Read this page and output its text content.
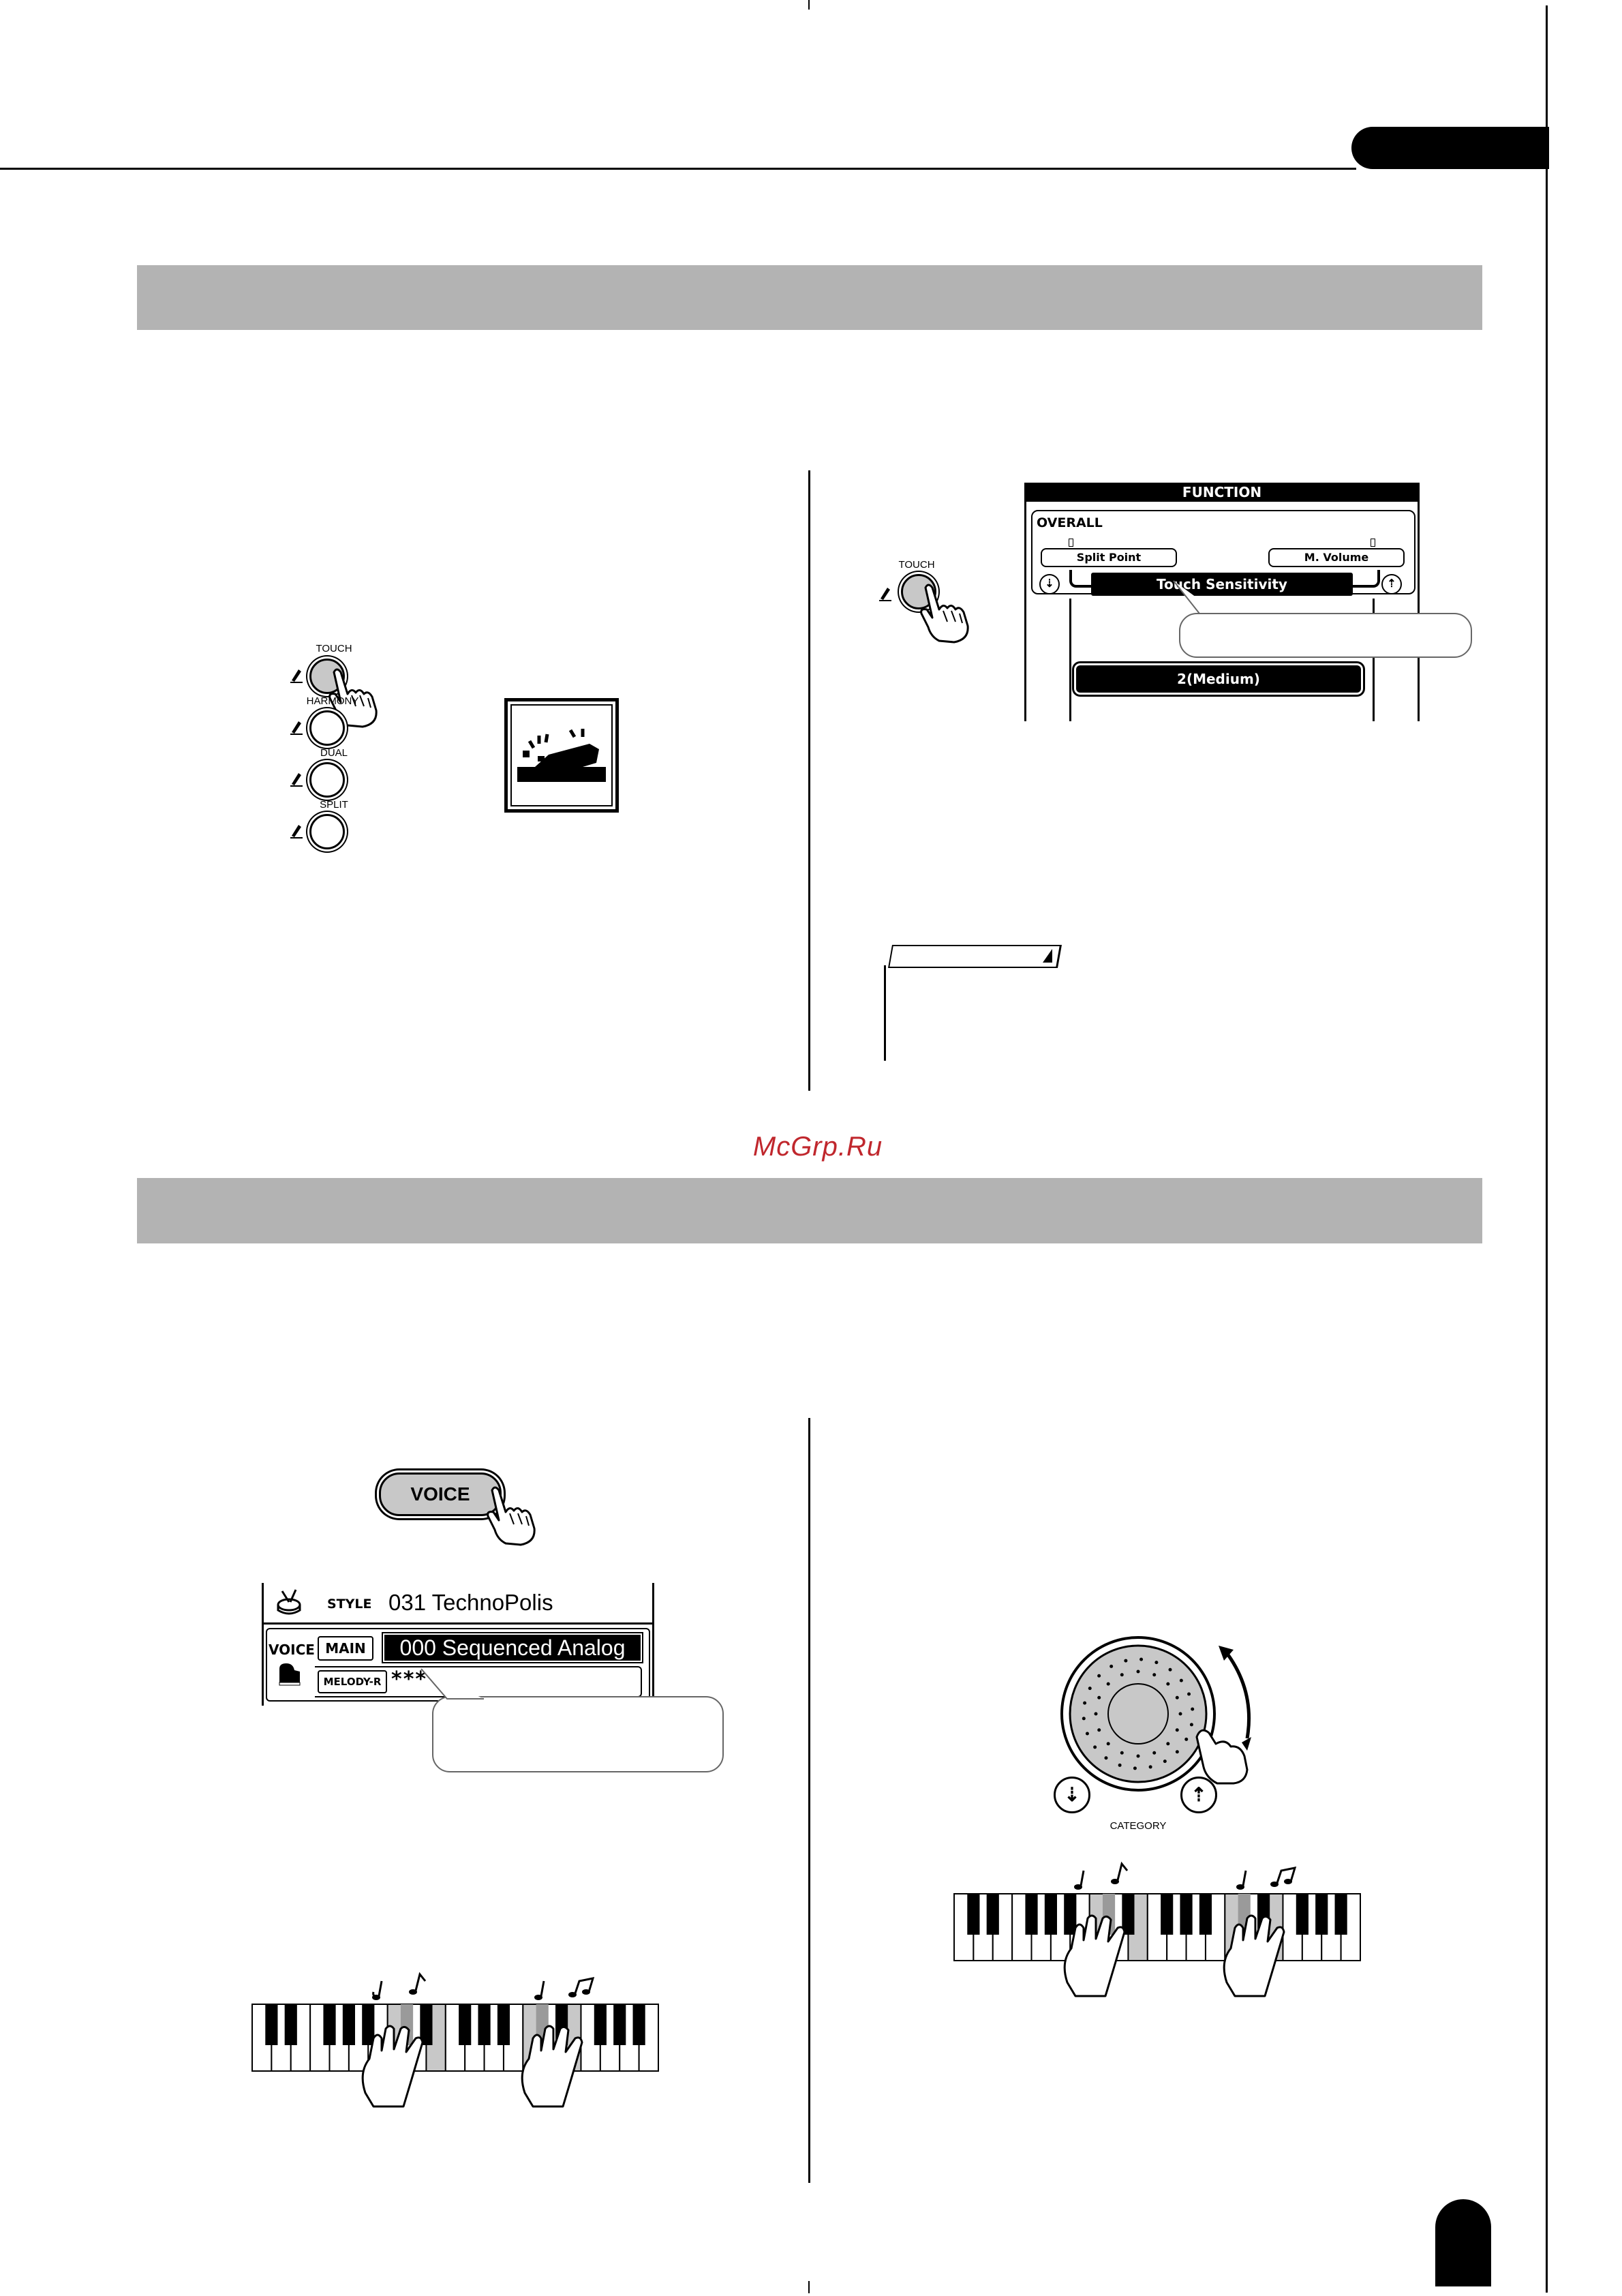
McGrp.Ru
TOUCH
HARMONY
DUAL
SPLIT
TOUCH
FUNCTION
OVERALL
Split Point	M. Volume
⇣	⇡
Touch Sensitivity
2(Medium)
VOICE
STYLE 031 TechnoPolis
VOICE MAIN	000 Sequenced Analog
MELODY-R ***
⇣	⇡
CATEGORY
